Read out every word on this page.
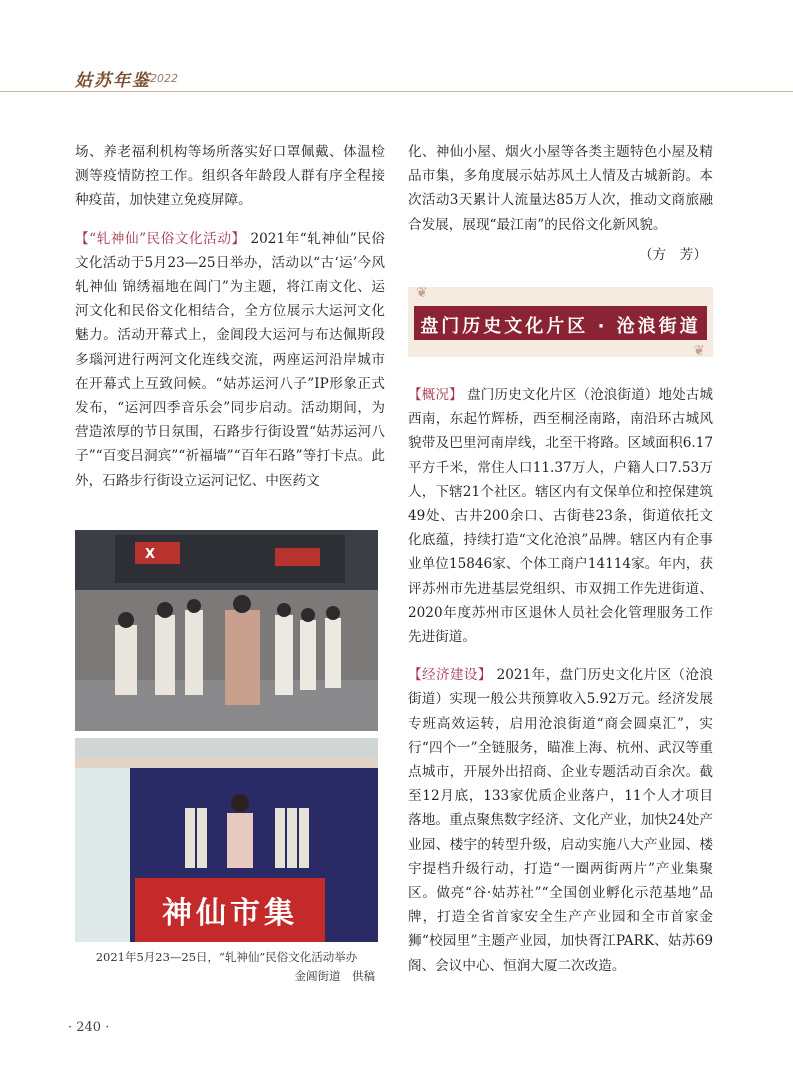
姑苏年鉴 2022

场、养老福利机构等场所落实好口罩佩戴、体温检测等疫情防控工作。组织各年龄段人群有序全程接种疫苗，加快建立免疫屏障。

【“轧神仙”民俗文化活动】 2021年“轧神仙”民俗文化活动于5月23—25日举办，活动以“古‘运’今风轧神仙 锦绣福地在阊门”为主题，将江南文化、运河文化和民俗文化相结合，全方位展示大运河文化魅力。活动开幕式上，金阊段大运河与布达佩斯段多瑙河进行两河文化连线交流，两座运河沿岸城市在开幕式上互致问候。“姑苏运河八子”IP形象正式发布，“运河四季音乐会”同步启动。活动期间，为营造浓厚的节日氛围，石路步行街设置“姑苏运河八子”“百变吕洞宾”“祈福墙”“百年石路”等打卡点。此外，石路步行街设立运河记忆、中医药文

X
神仙市集
2021年5月23—25日，“轧神仙”民俗文化活动举办
金阊街道　供稿

化、神仙小屋、烟火小屋等各类主题特色小屋及精品市集，多角度展示姑苏风土人情及古城新韵。本次活动3天累计人流量达85万人次，推动文商旅融合发展，展现“最江南”的民俗文化新风貌。

（方　芳）

❦
❦
盘门历史文化片区 · 沧浪街道

【概况】 盘门历史文化片区（沧浪街道）地处古城西南，东起竹辉桥，西至桐泾南路，南沿环古城风貌带及巴里河南岸线，北至干将路。区域面积6.17平方千米，常住人口11.37万人，户籍人口7.53万人，下辖21个社区。辖区内有文保单位和控保建筑49处、古井200余口、古街巷23条，街道依托文化底蕴，持续打造“文化沧浪”品牌。辖区内有企事业单位15846家、个体工商户14114家。年内，获评苏州市先进基层党组织、市双拥工作先进街道、2020年度苏州市区退休人员社会化管理服务工作先进街道。

【经济建设】 2021年，盘门历史文化片区（沧浪街道）实现一般公共预算收入5.92万元。经济发展专班高效运转，启用沧浪街道“商会圆桌汇”，实行“四个一”全链服务，瞄准上海、杭州、武汉等重点城市，开展外出招商、企业专题活动百余次。截至12月底，133家优质企业落户，11个人才项目落地。重点聚焦数字经济、文化产业，加快24处产业园、楼宇的转型升级，启动实施八大产业园、楼宇提档升级行动，打造“一圈两街两片”产业集聚区。做亮“谷·姑苏社”“全国创业孵化示范基地”品牌，打造全省首家安全生产产业园和全市首家金狮“校园里”主题产业园，加快胥江PARK、姑苏69阁、会议中心、恒润大厦二次改造。

· 240 ·
